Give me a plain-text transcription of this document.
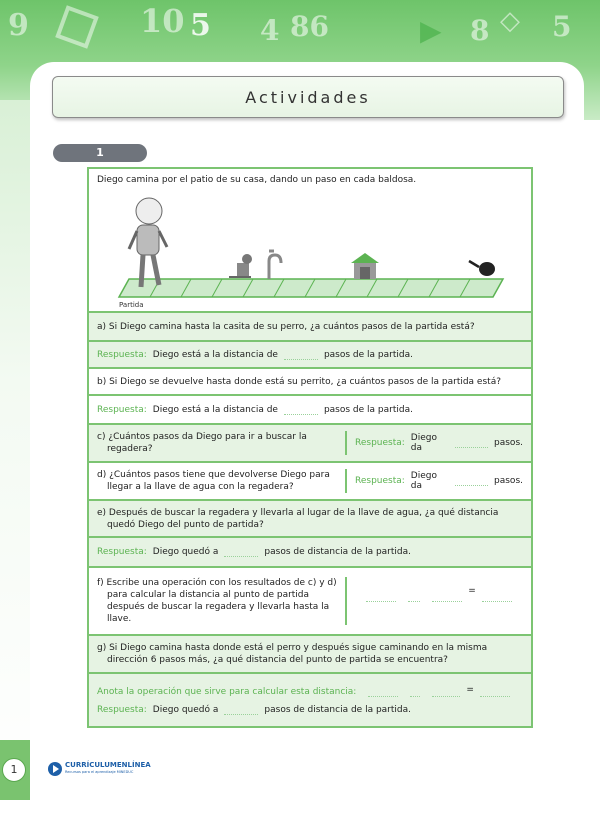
9	10 5 4 86	▶ 8 ◇ 5
Actividades
1
Diego camina por el patio de su casa, dando un paso en cada baldosa.
Partida
a) Si Diego camina hasta la casita de su perro, ¿a cuántos pasos de la partida está?
Respuesta: Diego está a la distancia de	pasos de la partida.
b) Si Diego se devuelve hasta donde está su perrito, ¿a cuántos pasos de la partida está?
Respuesta: Diego está a la distancia de	pasos de la partida.
c) ¿Cuántos pasos da Diego para ir a buscar la regadera?
Respuesta: Diego da	pasos.
d) ¿Cuántos pasos tiene que devolverse Diego para llegar a la llave de agua con la regadera?
Respuesta: Diego da	pasos.
e) Después de buscar la regadera y llevarla al lugar de la llave de agua, ¿a qué distancia quedó Diego del punto de partida?
Respuesta: Diego quedó a	pasos de distancia de la partida.
f) Escribe una operación con los resultados de c) y d) para calcular la distancia al punto de partida después de buscar la regadera y llevarla hasta la llave.
=
g) Si Diego camina hasta donde está el perro y después sigue caminando en la misma dirección 6 pasos más, ¿a qué distancia del punto de partida se encuentra?
Anota la operación que sirve para calcular esta distancia:	=
Respuesta: Diego quedó a	pasos de distancia de la partida.
1	CURRÍCULUMENLÍNEA
Recursos para el aprendizaje MINEDUC
